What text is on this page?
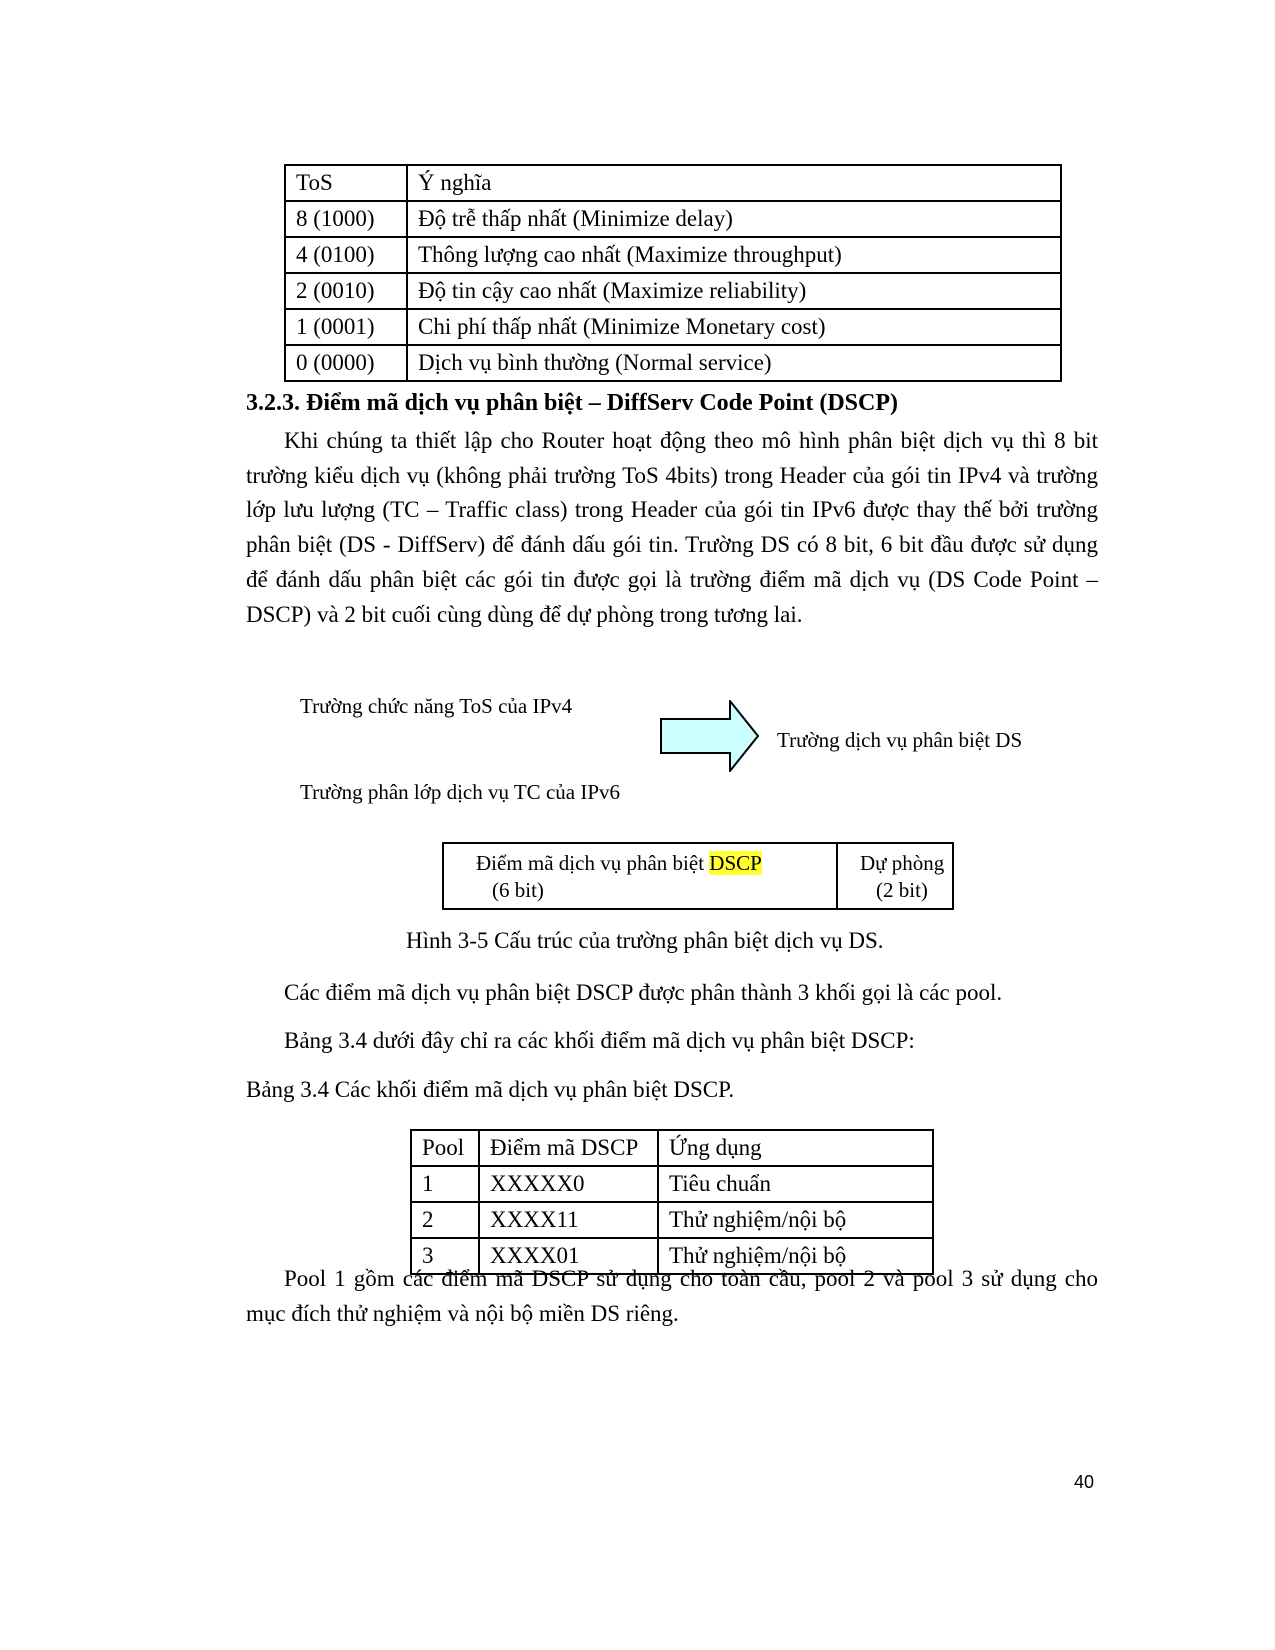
ToS	Ý nghĩa
8 (1000)	Độ trễ thấp nhất (Minimize delay)
4 (0100)	Thông lượng cao nhất (Maximize throughput)
2 (0010)	Độ tin cậy cao nhất (Maximize reliability)
1 (0001)	Chi phí thấp nhất (Minimize Monetary cost)
0 (0000)	Dịch vụ bình thường (Normal service)
3.2.3. Điểm mã dịch vụ phân biệt – DiffServ Code Point (DSCP)
Khi chúng ta thiết lập cho Router hoạt động theo mô hình phân biệt dịch vụ thì 8 bit trường kiểu dịch vụ (không phải trường ToS 4bits) trong Header của gói tin IPv4 và trường lớp lưu lượng (TC – Traffic class) trong Header của gói tin IPv6 được thay thế bởi trường phân biệt (DS - DiffServ) để đánh dấu gói tin. Trường DS có 8 bit, 6 bit đầu được sử dụng để đánh dấu phân biệt các gói tin được gọi là trường điểm mã dịch vụ (DS Code Point – DSCP) và 2 bit cuối cùng dùng để dự phòng trong tương lai.
Trường chức năng ToS của IPv4
Trường phân lớp dịch vụ TC của IPv6
Trường dịch vụ phân biệt DS
Điểm mã dịch vụ phân biệt DSCP
(6 bit)
Dự phòng
(2 bit)
Hình 3-5 Cấu trúc của trường phân biệt dịch vụ DS.
Các điểm mã dịch vụ phân biệt DSCP được phân thành 3 khối gọi là các pool.
Bảng 3.4 dưới đây chỉ ra các khối điểm mã dịch vụ phân biệt DSCP:
Bảng 3.4 Các khối điểm mã dịch vụ phân biệt DSCP.
Pool	Điểm mã DSCP	Ứng dụng
1	XXXXX0	Tiêu chuẩn
2	XXXX11	Thử nghiệm/nội bộ
3	XXXX01	Thử nghiệm/nội bộ
Pool 1 gồm các điểm mã DSCP sử dụng cho toàn cầu, pool 2 và pool 3 sử dụng cho mục đích thử nghiệm và nội bộ miền DS riêng.
40
